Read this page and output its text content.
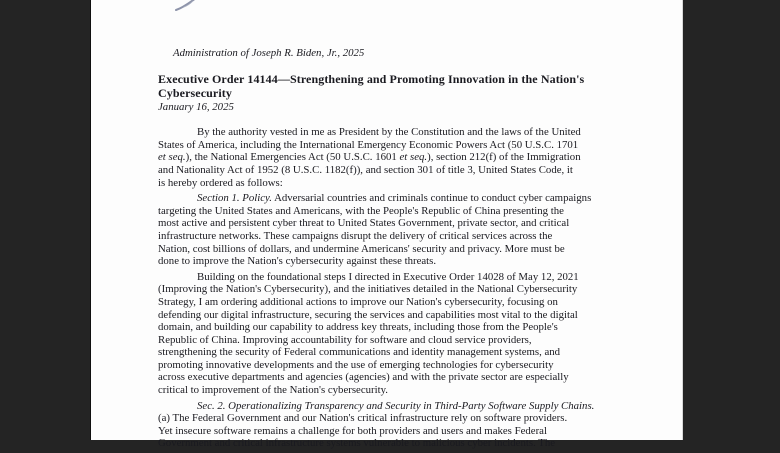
Administration of Joseph R. Biden, Jr., 2025

Executive Order 14144—Strengthening and Promoting Innovation in the Nation's
Cybersecurity

January 16, 2025

By the authority vested in me as President by the Constitution and the laws of the United
States of America, including the International Emergency Economic Powers Act (50 U.S.C. 1701
et seq.), the National Emergencies Act (50 U.S.C. 1601 et seq.), section 212(f) of the Immigration
and Nationality Act of 1952 (8 U.S.C. 1182(f)), and section 301 of title 3, United States Code, it
is hereby ordered as follows:

Section 1. Policy. Adversarial countries and criminals continue to conduct cyber campaigns
targeting the United States and Americans, with the People's Republic of China presenting the
most active and persistent cyber threat to United States Government, private sector, and critical
infrastructure networks. These campaigns disrupt the delivery of critical services across the
Nation, cost billions of dollars, and undermine Americans' security and privacy. More must be
done to improve the Nation's cybersecurity against these threats.

Building on the foundational steps I directed in Executive Order 14028 of May 12, 2021
(Improving the Nation's Cybersecurity), and the initiatives detailed in the National Cybersecurity
Strategy, I am ordering additional actions to improve our Nation's cybersecurity, focusing on
defending our digital infrastructure, securing the services and capabilities most vital to the digital
domain, and building our capability to address key threats, including those from the People's
Republic of China. Improving accountability for software and cloud service providers,
strengthening the security of Federal communications and identity management systems, and
promoting innovative developments and the use of emerging technologies for cybersecurity
across executive departments and agencies (agencies) and with the private sector are especially
critical to improvement of the Nation's cybersecurity.

Sec. 2. Operationalizing Transparency and Security in Third-Party Software Supply Chains.
(a) The Federal Government and our Nation's critical infrastructure rely on software providers.
Yet insecure software remains a challenge for both providers and users and makes Federal
Government and critical infrastructure systems vulnerable to malicious cyber incidents. The
